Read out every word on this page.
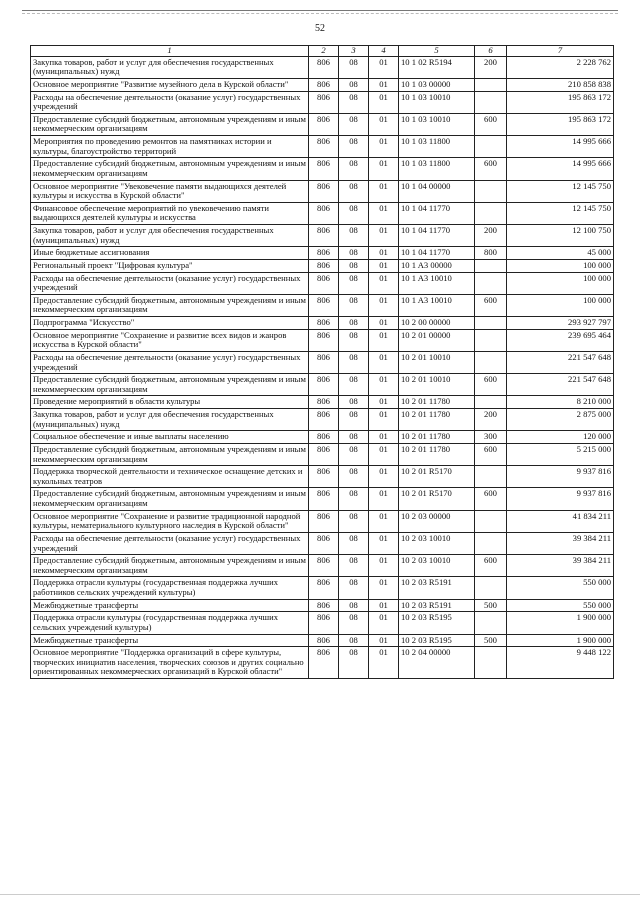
52
1	2	3	4	5	6	7
Закупка товаров, работ и услуг для обеспечения государственных (муниципальных) нужд	806	08	01	10 1 02 R5194	200	2 228 762
Основное мероприятие "Развитие музейного дела в Курской области"	806	08	01	10 1 03 00000		210 858 838
Расходы на обеспечение деятельности (оказание услуг) государственных учреждений	806	08	01	10 1 03 10010		195 863 172
Предоставление субсидий бюджетным, автономным учреждениям и иным некоммерческим организациям	806	08	01	10 1 03 10010	600	195 863 172
Мероприятия по проведению ремонтов на памятниках истории и культуры, благоустройство территорий	806	08	01	10 1 03 11800		14 995 666
Предоставление субсидий бюджетным, автономным учреждениям и иным некоммерческим организациям	806	08	01	10 1 03 11800	600	14 995 666
Основное мероприятие "Увековечение памяти выдающихся деятелей культуры и искусства в Курской области"	806	08	01	10 1 04 00000		12 145 750
Финансовое обеспечение мероприятий по увековечению памяти выдающихся деятелей культуры и искусства	806	08	01	10 1 04 11770		12 145 750
Закупка товаров, работ и услуг для обеспечения государственных (муниципальных) нужд	806	08	01	10 1 04 11770	200	12 100 750
Иные бюджетные ассигнования	806	08	01	10 1 04 11770	800	45 000
Региональный проект "Цифровая культура"	806	08	01	10 1 A3 00000		100 000
Расходы на обеспечение деятельности (оказание услуг) государственных учреждений	806	08	01	10 1 A3 10010		100 000
Предоставление субсидий бюджетным, автономным учреждениям и иным некоммерческим организациям	806	08	01	10 1 A3 10010	600	100 000
Подпрограмма "Искусство"	806	08	01	10 2 00 00000		293 927 797
Основное мероприятие "Сохранение и развитие всех видов и жанров искусства в Курской области"	806	08	01	10 2 01 00000		239 695 464
Расходы на обеспечение деятельности (оказание услуг) государственных учреждений	806	08	01	10 2 01 10010		221 547 648
Предоставление субсидий бюджетным, автономным учреждениям и иным некоммерческим организациям	806	08	01	10 2 01 10010	600	221 547 648
Проведение мероприятий в области культуры	806	08	01	10 2 01 11780		8 210 000
Закупка товаров, работ и услуг для обеспечения государственных (муниципальных) нужд	806	08	01	10 2 01 11780	200	2 875 000
Социальное обеспечение и иные выплаты населению	806	08	01	10 2 01 11780	300	120 000
Предоставление субсидий бюджетным, автономным учреждениям и иным некоммерческим организациям	806	08	01	10 2 01 11780	600	5 215 000
Поддержка творческой деятельности и техническое оснащение детских и кукольных театров	806	08	01	10 2 01 R5170		9 937 816
Предоставление субсидий бюджетным, автономным учреждениям и иным некоммерческим организациям	806	08	01	10 2 01 R5170	600	9 937 816
Основное мероприятие "Сохранение и развитие традиционной народной культуры, нематериального культурного наследия в Курской области"	806	08	01	10 2 03 00000		41 834 211
Расходы на обеспечение деятельности (оказание услуг) государственных учреждений	806	08	01	10 2 03 10010		39 384 211
Предоставление субсидий бюджетным, автономным учреждениям и иным некоммерческим организациям	806	08	01	10 2 03 10010	600	39 384 211
Поддержка отрасли культуры (государственная поддержка лучших работников сельских учреждений культуры)	806	08	01	10 2 03 R5191		550 000
Межбюджетные трансферты	806	08	01	10 2 03 R5191	500	550 000
Поддержка отрасли культуры (государственная поддержка лучших сельских учреждений культуры)	806	08	01	10 2 03 R5195		1 900 000
Межбюджетные трансферты	806	08	01	10 2 03 R5195	500	1 900 000
Основное мероприятие "Поддержка организаций в сфере культуры, творческих инициатив населения, творческих союзов и других социально ориентированных некоммерческих организаций в Курской области"	806	08	01	10 2 04 00000		9 448 122
